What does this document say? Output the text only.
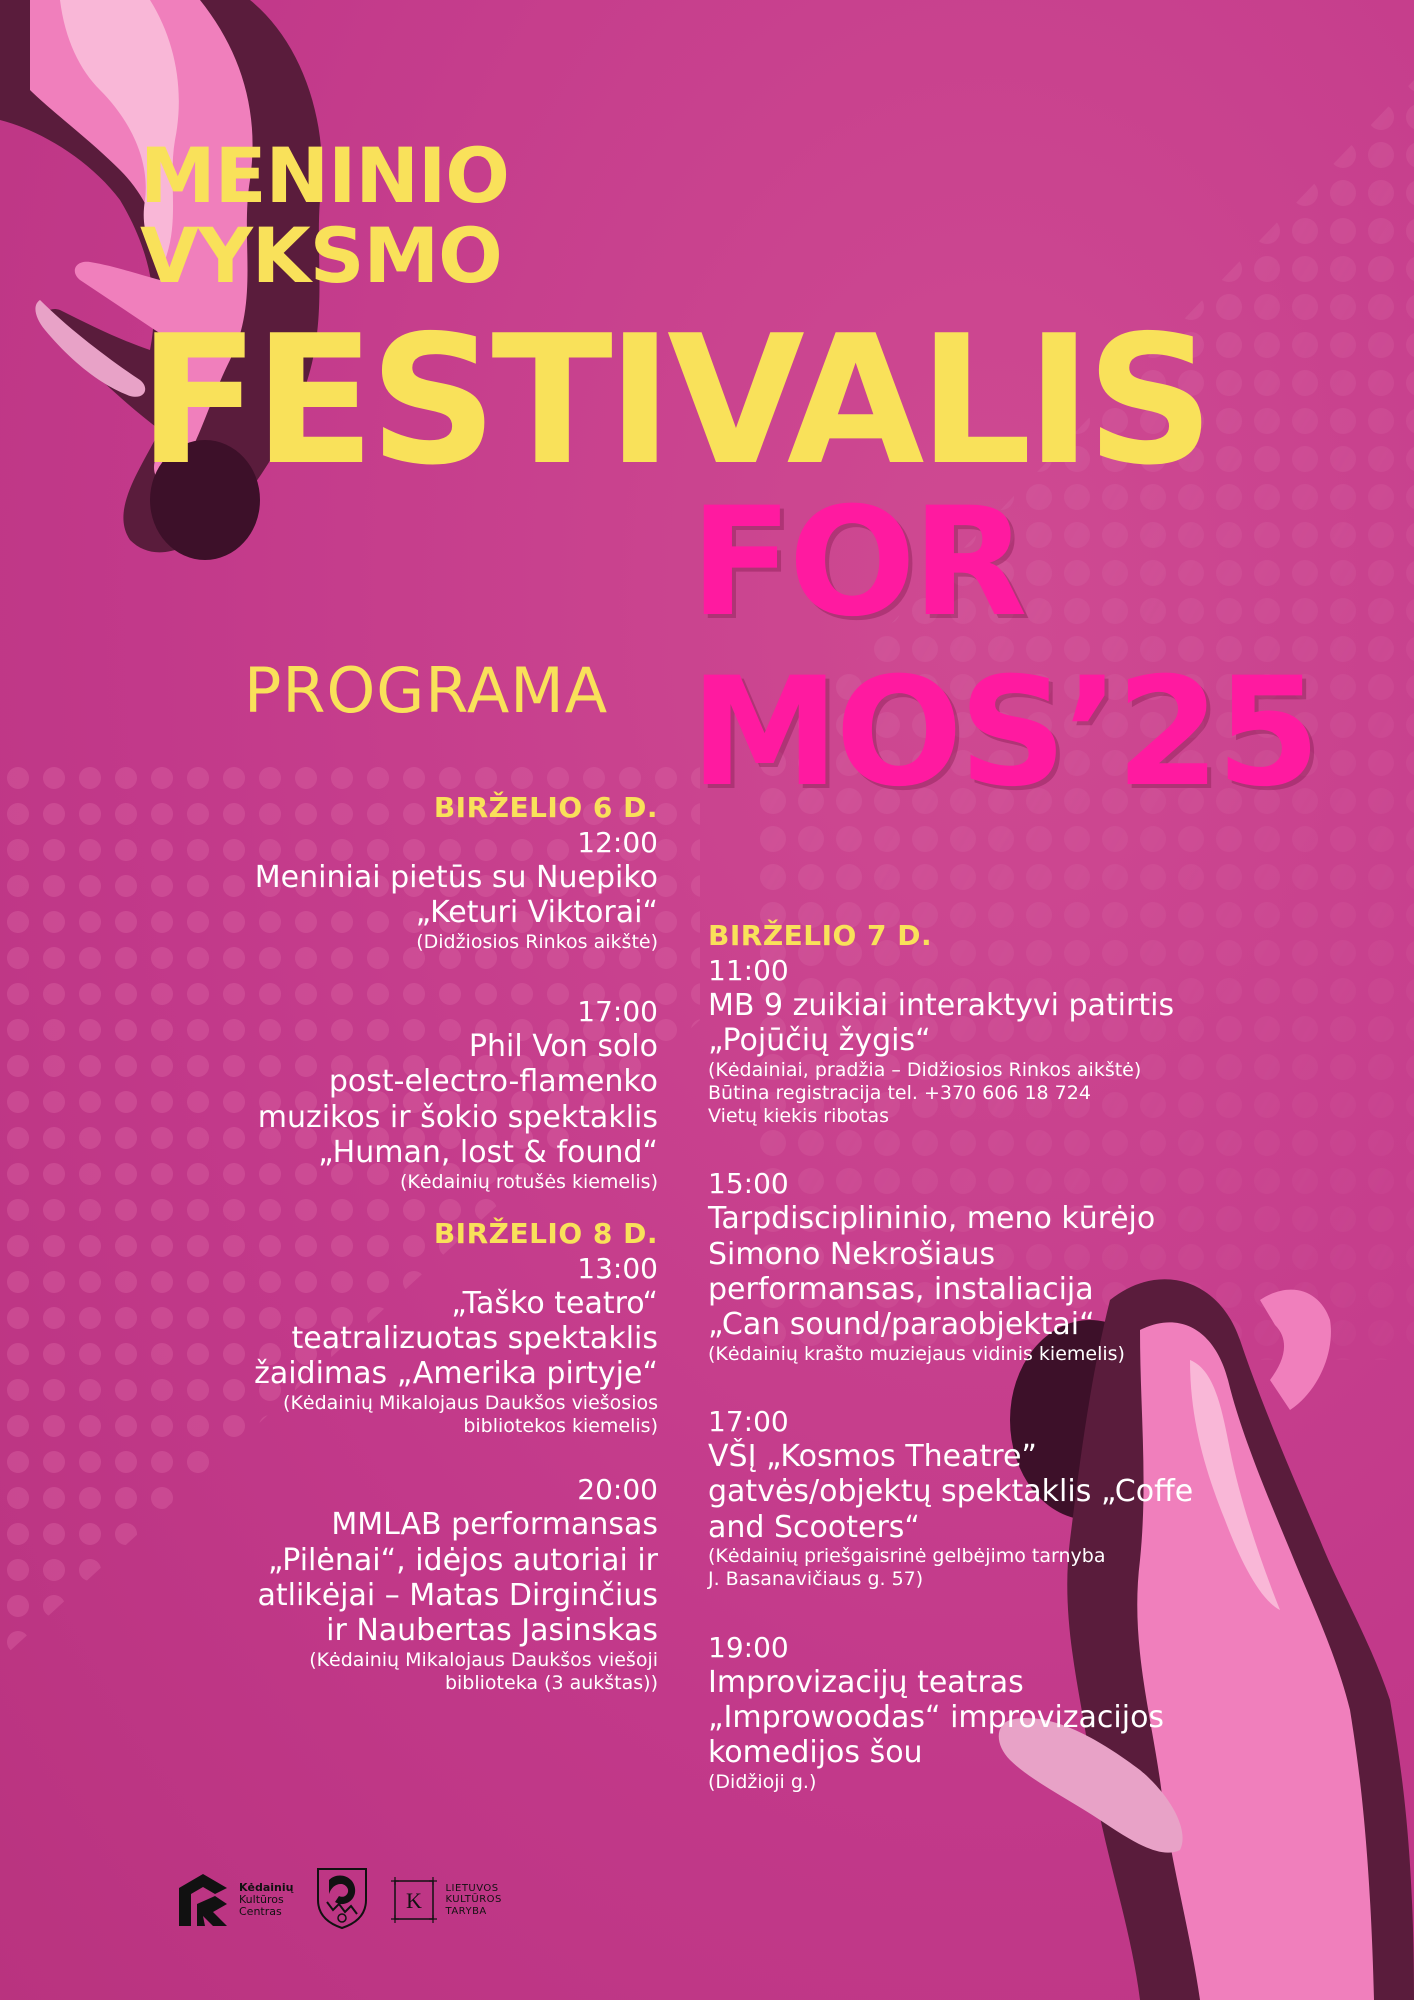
MENINIO
VYKSMO
FESTIVALIS
FOR
MOS’25
PROGRAMA

BIRŽELIO 6 D.

12:00

Meniniai pietūs su Nuepiko

„Keturi Viktorai“

(Didžiosios Rinkos aikštė)

17:00

Phil Von solo

post-electro-flamenko

muzikos ir šokio spektaklis

„Human, lost & found“

(Kėdainių rotušės kiemelis)

BIRŽELIO 8 D.

13:00

„Taško teatro“

teatralizuotas spektaklis

žaidimas „Amerika pirtyje“

(Kėdainių Mikalojaus Daukšos viešosios

bibliotekos kiemelis)

20:00

MMLAB performansas

„Pilėnai“, idėjos autoriai ir

atlikėjai – Matas Dirginčius

ir Naubertas Jasinskas

(Kėdainių Mikalojaus Daukšos viešoji

biblioteka (3 aukštas))

BIRŽELIO 7 D.

11:00

MB 9 zuikiai interaktyvi patirtis

„Pojūčių žygis“

(Kėdainiai, pradžia – Didžiosios Rinkos aikštė)

Būtina registracija tel. +370 606 18 724

Vietų kiekis ribotas

15:00

Tarpdisciplininio, meno kūrėjo

Simono Nekrošiaus

performansas, instaliacija

„Can sound/paraobjektai“

(Kėdainių krašto muziejaus vidinis kiemelis)

17:00

VŠĮ „Kosmos Theatre”

gatvės/objektų spektaklis „Coffe

and Scooters“

(Kėdainių priešgaisrinė gelbėjimo tarnyba

J. Basanavičiaus g. 57)

19:00

Improvizacijų teatras

„Improwoodas“ improvizacijos

komedijos šou

(Didžioji g.)

Kėdainių
Kultūros
Centras	K LIETUVOS
KULTŪROS
TARYBA
